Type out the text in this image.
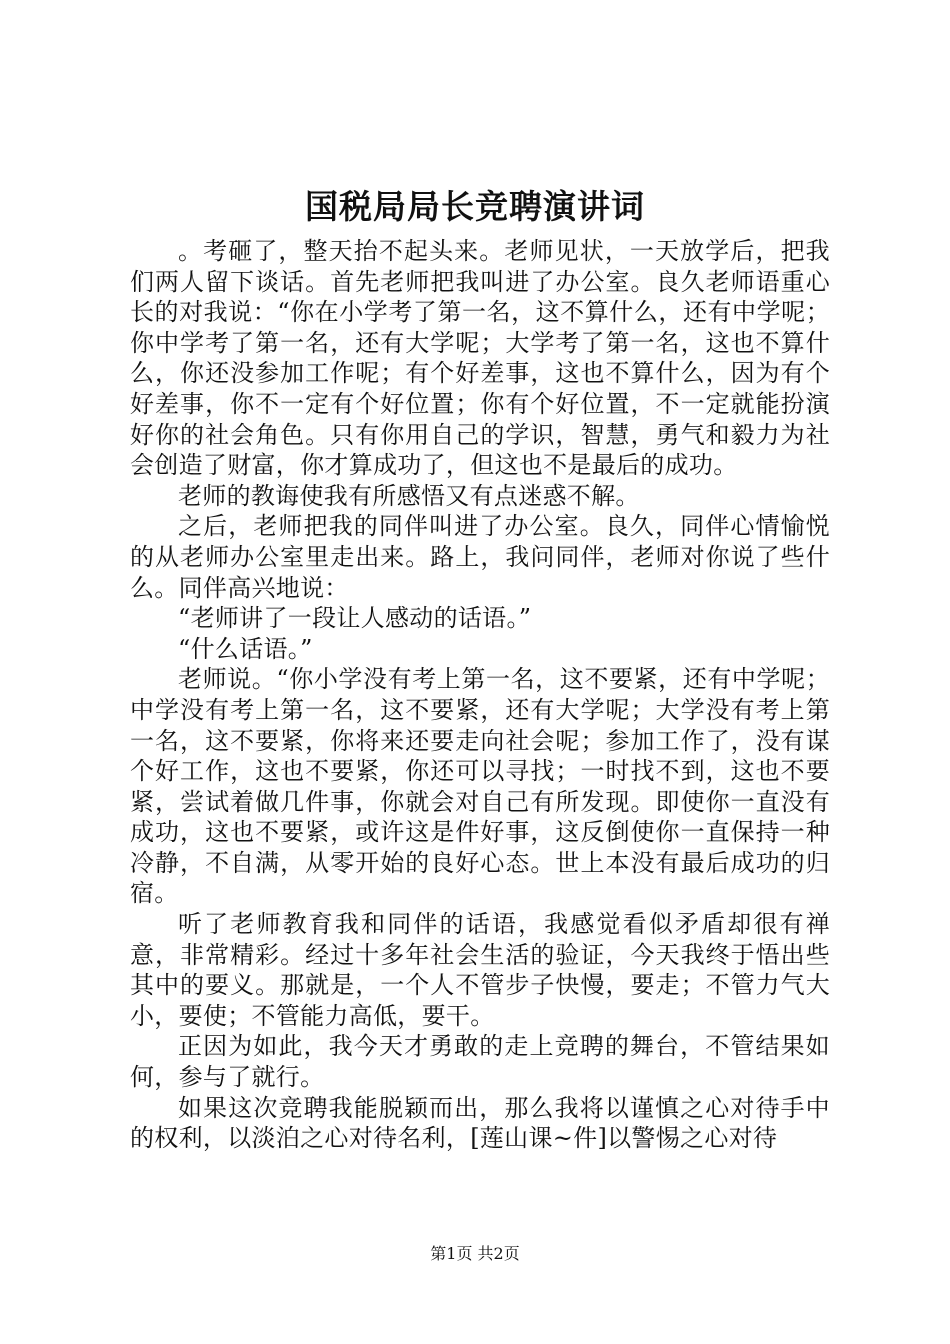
国税局局长竞聘演讲词

。考砸了，整天抬不起头来。老师见状，一天放学后，把我们两人留下谈话。首先老师把我叫进了办公室。良久老师语重心长的对我说：“你在小学考了第一名，这不算什么，还有中学呢；你中学考了第一名，还有大学呢；大学考了第一名，这也不算什么，你还没参加工作呢；有个好差事，这也不算什么，因为有个好差事，你不一定有个好位置；你有个好位置，不一定就能扮演好你的社会角色。只有你用自己的学识，智慧，勇气和毅力为社会创造了财富，你才算成功了，但这也不是最后的成功。

老师的教诲使我有所感悟又有点迷惑不解。

之后，老师把我的同伴叫进了办公室。良久，同伴心情愉悦的从老师办公室里走出来。路上，我问同伴，老师对你说了些什么。同伴高兴地说：

“老师讲了一段让人感动的话语。”

“什么话语。”

老师说。“你小学没有考上第一名，这不要紧，还有中学呢；中学没有考上第一名，这不要紧，还有大学呢；大学没有考上第一名，这不要紧，你将来还要走向社会呢；参加工作了，没有谋个好工作，这也不要紧，你还可以寻找；一时找不到，这也不要紧，尝试着做几件事，你就会对自己有所发现。即使你一直没有成功，这也不要紧，或许这是件好事，这反倒使你一直保持一种冷静，不自满，从零开始的良好心态。世上本没有最后成功的归宿。

听了老师教育我和同伴的话语，我感觉看似矛盾却很有禅意，非常精彩。经过十多年社会生活的验证，今天我终于悟出些其中的要义。那就是，一个人不管步子快慢，要走；不管力气大小，要使；不管能力高低，要干。

正因为如此，我今天才勇敢的走上竞聘的舞台，不管结果如何，参与了就行。

如果这次竞聘我能脱颖而出，那么我将以谨慎之心对待手中的权利，以淡泊之心对待名利，[莲山课~件]以警惕之心对待

第1页 共2页
